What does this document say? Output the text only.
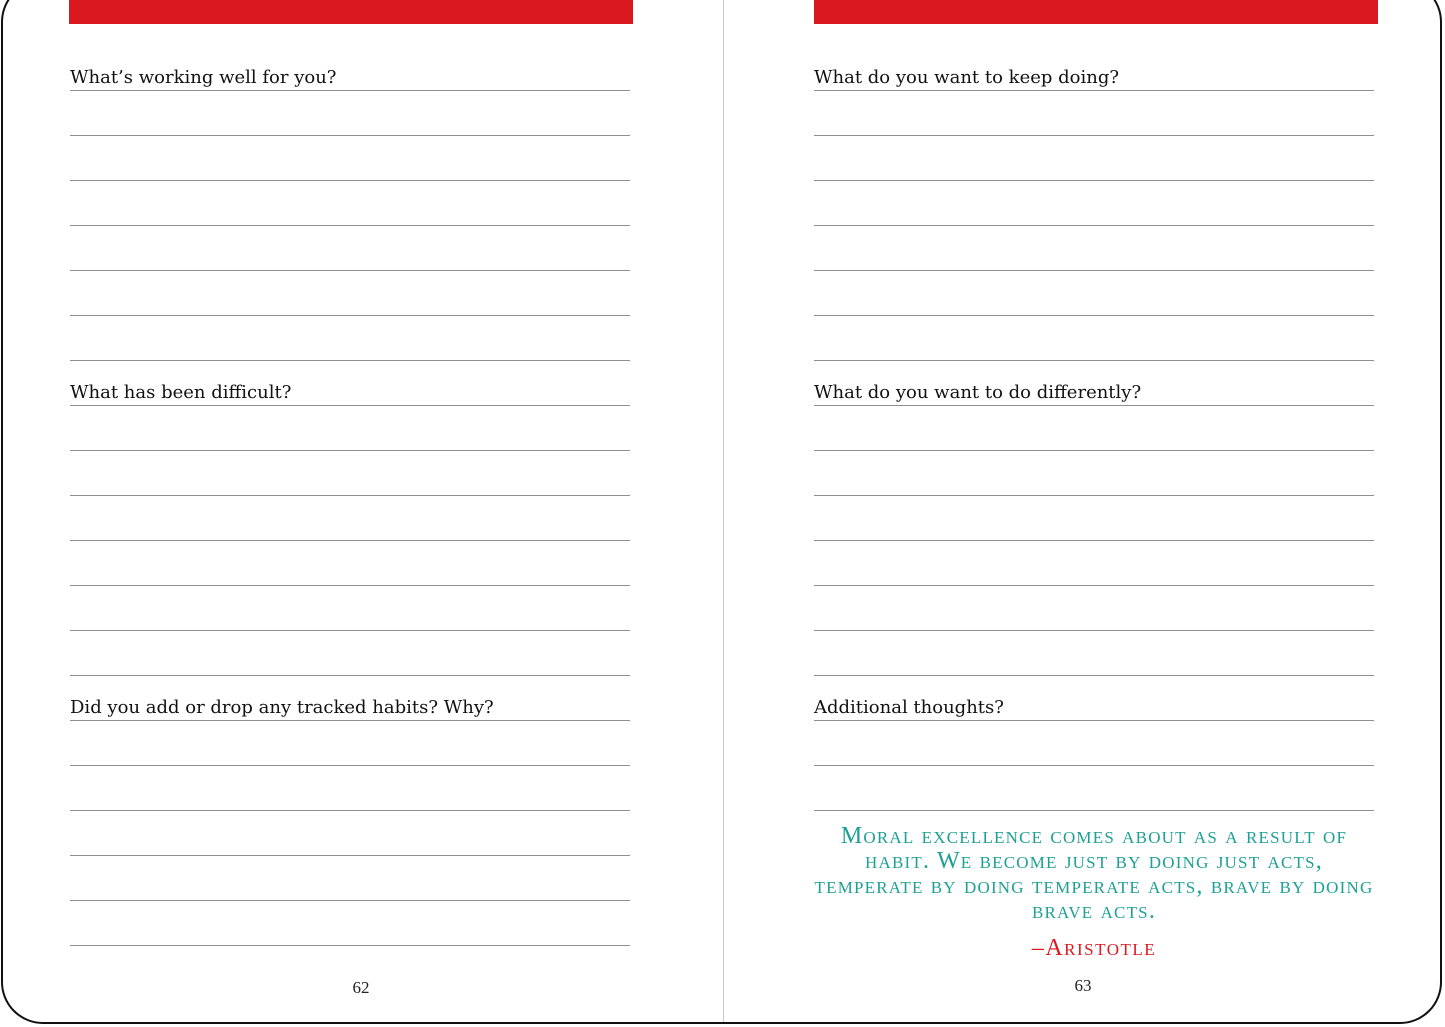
What’s working well for you?
What has been difficult?
Did you add or drop any tracked habits? Why?
What do you want to keep doing?
What do you want to do differently?
Additional thoughts?
Moral excellence comes about as a result of habit. We become just by doing just acts, temperate by doing temperate acts, brave by doing brave acts.
–Aristotle
62	63
